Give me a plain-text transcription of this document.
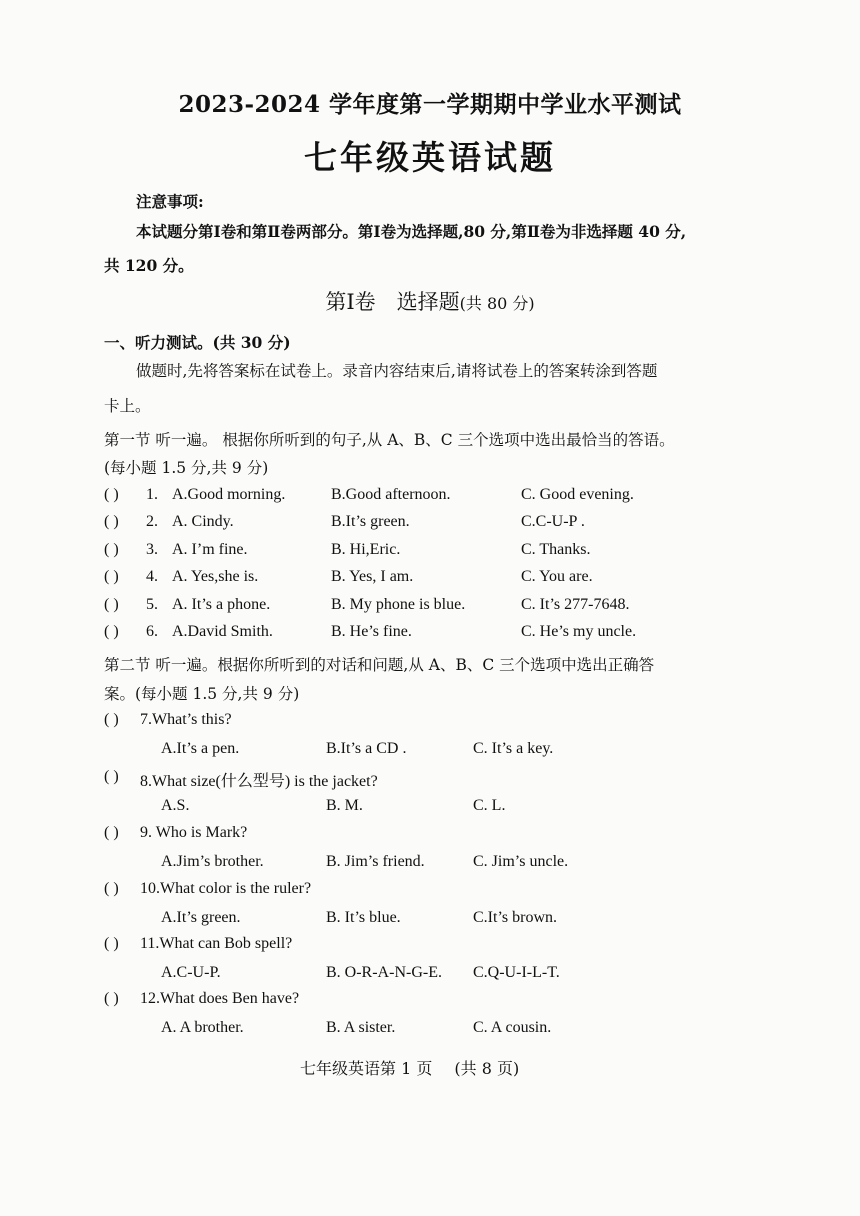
2023-2024 学年度第一学期期中学业水平测试
七年级英语试题
注意事项:
本试题分第Ⅰ卷和第Ⅱ卷两部分。第Ⅰ卷为选择题,80 分,第Ⅱ卷为非选择题 40 分,
共 120 分。
第Ⅰ卷　选择题(共 80 分)
一、听力测试。(共 30 分)
做题时,先将答案标在试卷上。录音内容结束后,请将试卷上的答案转涂到答题
卡上。
第一节 听一遍。 根据你所听到的句子,从 A、B、C 三个选项中选出最恰当的答语。
(每小题 1.5 分,共 9 分)
( ) 1. A.Good morning.	B.Good afternoon.	C. Good evening.
( ) 2. A. Cindy.	B.It’s green.	C.C-U-P .
( ) 3. A. I’m fine.	B. Hi,Eric.	C. Thanks.
( ) 4. A. Yes,she is.	B. Yes, I am.	C. You are.
( ) 5. A. It’s a phone.	B. My phone is blue.	C. It’s 277-7648.
( ) 6. A.David Smith.	B. He’s fine.	C. He’s my uncle.
第二节 听一遍。根据你所听到的对话和问题,从 A、B、C 三个选项中选出正确答
案。(每小题 1.5 分,共 9 分)
( ) 7.What’s this?
A.It’s a pen.	B.It’s a CD .	C. It’s a key.
( ) 8.What size(什么型号) is the jacket?
A.S.	B. M.	C. L.
( ) 9. Who is Mark?
A.Jim’s brother.	B. Jim’s friend.	C. Jim’s uncle.
( ) 10.What color is the ruler?
A.It’s green.	B. It’s blue.	C.It’s brown.
( ) 11.What can Bob spell?
A.C-U-P.	B. O-R-A-N-G-E. C.Q-U-I-L-T.
( ) 12.What does Ben have?
A. A brother.	B. A sister.	C. A cousin.
七年级英语第 1 页 (共 8 页)
